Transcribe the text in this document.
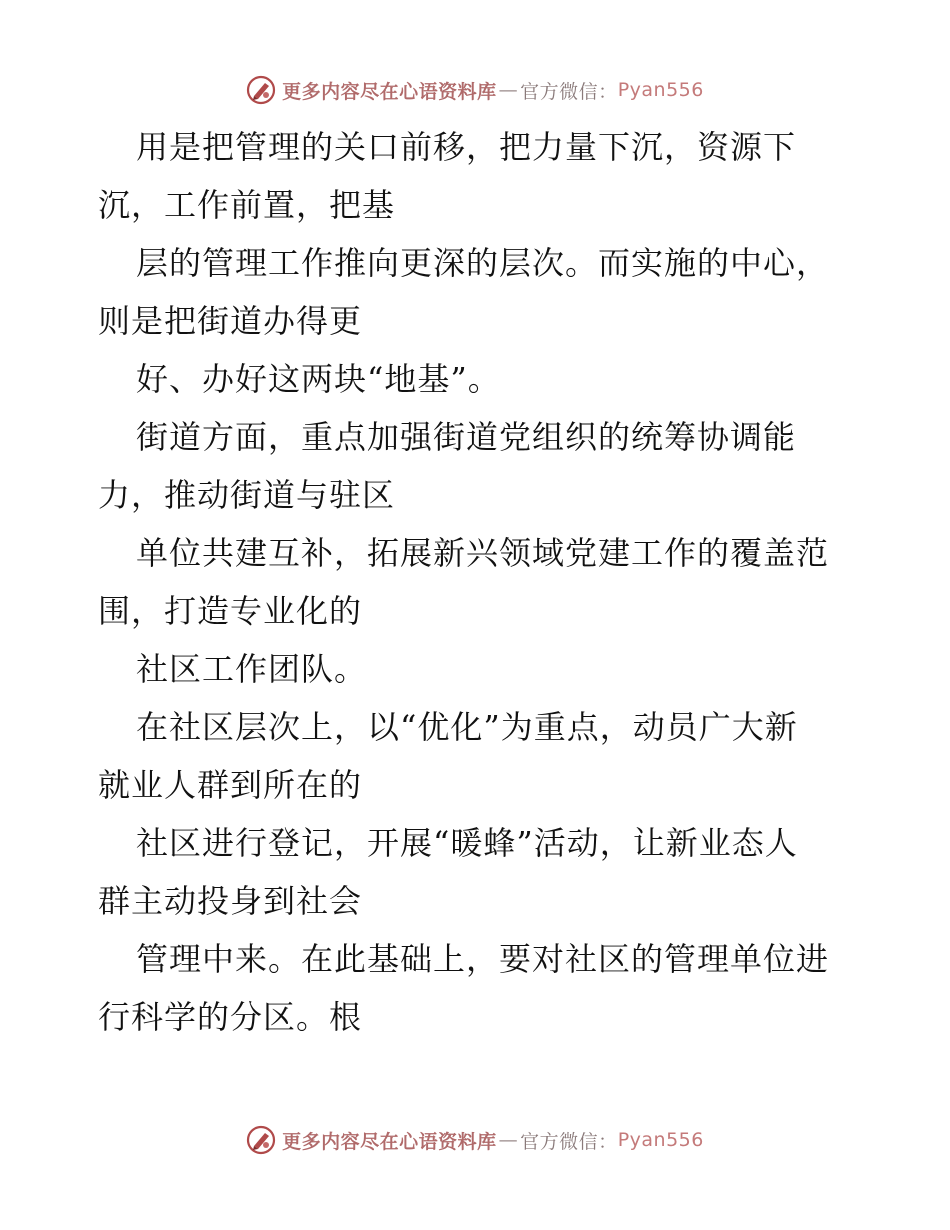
更多内容尽在心语资料库 — 官方微信： Pyan556
用是把管理的关口前移，把力量下沉，资源下
沉，工作前置，把基
层的管理工作推向更深的层次。而实施的中心，
则是把街道办得更
好、办好这两块“地基”。
街道方面，重点加强街道党组织的统筹协调能
力，推动街道与驻区
单位共建互补，拓展新兴领域党建工作的覆盖范
围，打造专业化的
社区工作团队。
在社区层次上，以“优化”为重点，动员广大新
就业人群到所在的
社区进行登记，开展“暖蜂”活动，让新业态人
群主动投身到社会
管理中来。在此基础上，要对社区的管理单位进
行科学的分区。根
更多内容尽在心语资料库 — 官方微信： Pyan556
